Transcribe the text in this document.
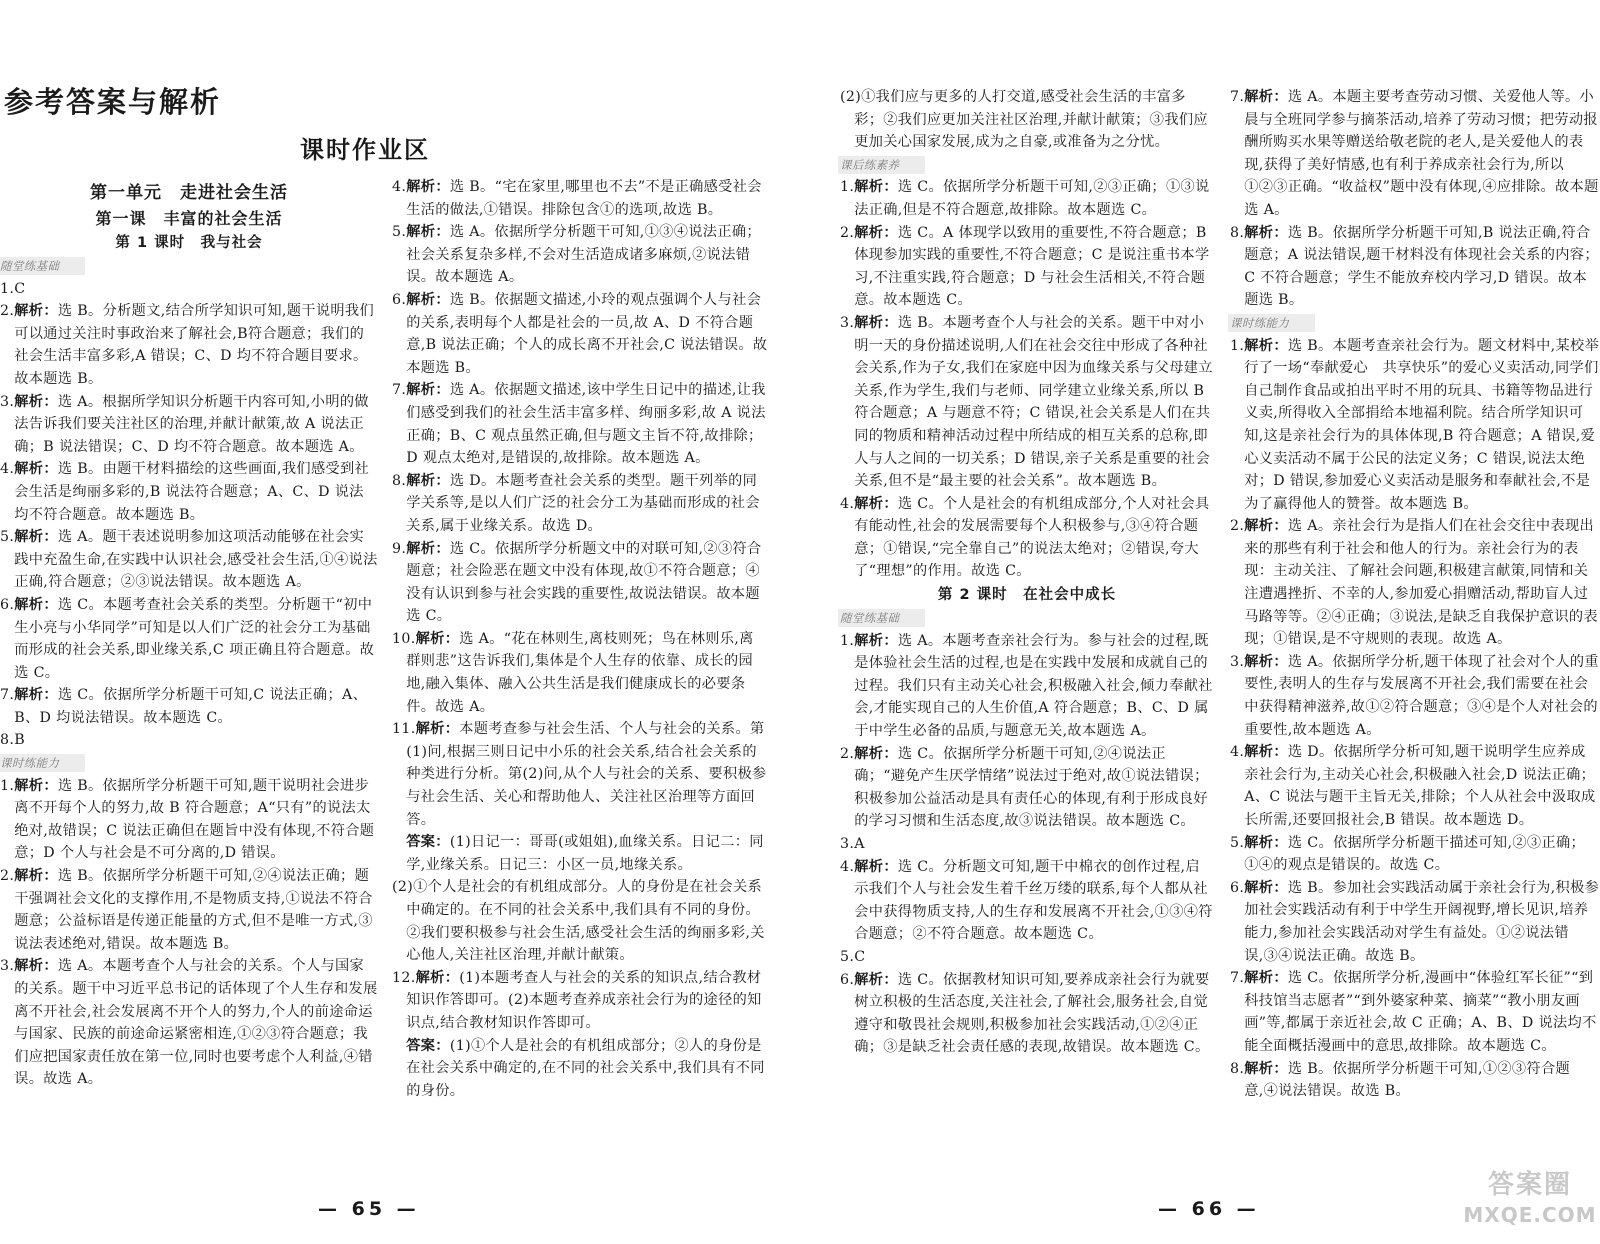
参考答案与解析
课时作业区
第一单元　走进社会生活
第一课　丰富的社会生活
第 1 课时　我与社会
随堂练基础

1.C

2.解析：选 B。分析题文,结合所学知识可知,题干说明我们可以通过关注时事政治来了解社会,B符合题意；我们的社会生活丰富多彩,A 错误；C、D 均不符合题目要求。故本题选 B。

3.解析：选 A。根据所学知识分析题干内容可知,小明的做法告诉我们要关注社区的治理,并献计献策,故 A 说法正确；B 说法错误；C、D 均不符合题意。故本题选 A。

4.解析：选 B。由题干材料描绘的这些画面,我们感受到社会生活是绚丽多彩的,B 说法符合题意；A、C、D 说法均不符合题意。故本题选 B。

5.解析：选 A。题干表述说明参加这项活动能够在社会实践中充盈生命,在实践中认识社会,感受社会生活,①④说法正确,符合题意；②③说法错误。故本题选 A。

6.解析：选 C。本题考查社会关系的类型。分析题干“初中生小亮与小华同学”可知是以人们广泛的社会分工为基础而形成的社会关系,即业缘关系,C 项正确且符合题意。故选 C。

7.解析：选 C。依据所学分析题干可知,C 说法正确；A、B、D 均说法错误。故本题选 C。

8.B

课时练能力

1.解析：选 B。依据所学分析题干可知,题干说明社会进步离不开每个人的努力,故 B 符合题意；A“只有”的说法太绝对,故错误；C 说法正确但在题旨中没有体现,不符合题意；D 个人与社会是不可分离的,D 错误。

2.解析：选 B。依据所学分析题干可知,②④说法正确；题干强调社会文化的支撑作用,不是物质支持,①说法不符合题意；公益标语是传递正能量的方式,但不是唯一方式,③说法表述绝对,错误。故本题选 B。

3.解析：选 A。本题考查个人与社会的关系。个人与国家的关系。题干中习近平总书记的话体现了个人生存和发展离不开社会,社会发展离不开个人的努力,个人的前途命运与国家、民族的前途命运紧密相连,①②③符合题意；我们应把国家责任放在第一位,同时也要考虑个人利益,④错误。故选 A。

4.解析：选 B。“宅在家里,哪里也不去”不是正确感受社会生活的做法,①错误。排除包含①的选项,故选 B。

5.解析：选 A。依据所学分析题干可知,①③④说法正确；社会关系复杂多样,不会对生活造成诸多麻烦,②说法错误。故本题选 A。

6.解析：选 B。依据题文描述,小玲的观点强调个人与社会的关系,表明每个人都是社会的一员,故 A、D 不符合题意,B 说法正确；个人的成长离不开社会,C 说法错误。故本题选 B。

7.解析：选 A。依据题文描述,该中学生日记中的描述,让我们感受到我们的社会生活丰富多样、绚丽多彩,故 A 说法正确；B、C 观点虽然正确,但与题文主旨不符,故排除；D 观点太绝对,是错误的,故排除。故本题选 A。

8.解析：选 D。本题考查社会关系的类型。题干列举的同学关系等,是以人们广泛的社会分工为基础而形成的社会关系,属于业缘关系。故选 D。

9.解析：选 C。依据所学分析题文中的对联可知,②③符合题意；社会险恶在题文中没有体现,故①不符合题意；④没有认识到参与社会实践的重要性,故说法错误。故本题选 C。

10.解析：选 A。“花在林则生,离枝则死；鸟在林则乐,离群则悲”这告诉我们,集体是个人生存的依靠、成长的园地,融入集体、融入公共生活是我们健康成长的必要条件。故选 A。

11.解析：本题考查参与社会生活、个人与社会的关系。第(1)问,根据三则日记中小乐的社会关系,结合社会关系的种类进行分析。第(2)问,从个人与社会的关系、要积极参与社会生活、关心和帮助他人、关注社区治理等方面回答。

答案：(1)日记一：哥哥(或姐姐),血缘关系。日记二：同学,业缘关系。日记三：小区一员,地缘关系。

(2)①个人是社会的有机组成部分。人的身份是在社会关系中确定的。在不同的社会关系中,我们具有不同的身份。②我们要积极参与社会生活,感受社会生活的绚丽多彩,关心他人,关注社区治理,并献计献策。

12.解析：(1)本题考查人与社会的关系的知识点,结合教材知识作答即可。(2)本题考查养成亲社会行为的途径的知识点,结合教材知识作答即可。

答案：(1)①个人是社会的有机组成部分；②人的身份是在社会关系中确定的,在不同的社会关系中,我们具有不同的身份。

(2)①我们应与更多的人打交道,感受社会生活的丰富多彩；②我们应更加关注社区治理,并献计献策；③我们应更加关心国家发展,成为之自豪,或准备为之分忧。

课后练素养

1.解析：选 C。依据所学分析题干可知,②③正确；①③说法正确,但是不符合题意,故排除。故本题选 C。

2.解析：选 C。A 体现学以致用的重要性,不符合题意；B 体现参加实践的重要性,不符合题意；C 是说注重书本学习,不注重实践,符合题意；D 与社会生活相关,不符合题意。故本题选 C。

3.解析：选 B。本题考查个人与社会的关系。题干中对小明一天的身份描述说明,人们在社会交往中形成了各种社会关系,作为子女,我们在家庭中因为血缘关系与父母建立关系,作为学生,我们与老师、同学建立业缘关系,所以 B 符合题意；A 与题意不符；C 错误,社会关系是人们在共同的物质和精神活动过程中所结成的相互关系的总称,即人与人之间的一切关系；D 错误,亲子关系是重要的社会关系,但不是“最主要的社会关系”。故本题选 B。

4.解析：选 C。个人是社会的有机组成部分,个人对社会具有能动性,社会的发展需要每个人积极参与,③④符合题意；①错误,“完全靠自己”的说法太绝对；②错误,夸大了“理想”的作用。故选 C。

第 2 课时　在社会中成长
随堂练基础

1.解析：选 A。本题考查亲社会行为。参与社会的过程,既是体验社会生活的过程,也是在实践中发展和成就自己的过程。我们只有主动关心社会,积极融入社会,倾力奉献社会,才能实现自己的人生价值,A 符合题意；B、C、D 属于中学生必备的品质,与题意无关,故本题选 A。

2.解析：选 C。依据所学分析题干可知,②④说法正确；“避免产生厌学情绪”说法过于绝对,故①说法错误；积极参加公益活动是具有责任心的体现,有利于形成良好的学习习惯和生活态度,故③说法错误。故本题选 C。

3.A

4.解析：选 C。分析题文可知,题干中棉衣的创作过程,启示我们个人与社会发生着千丝万缕的联系,每个人都从社会中获得物质支持,人的生存和发展离不开社会,①③④符合题意；②不符合题意。故本题选 C。

5.C

6.解析：选 C。依据教材知识可知,要养成亲社会行为就要树立积极的生活态度,关注社会,了解社会,服务社会,自觉遵守和敬畏社会规则,积极参加社会实践活动,①②④正确；③是缺乏社会责任感的表现,故错误。故本题选 C。

7.解析：选 A。本题主要考查劳动习惯、关爱他人等。小晨与全班同学参与摘茶活动,培养了劳动习惯；把劳动报酬所购买水果等赠送给敬老院的老人,是关爱他人的表现,获得了美好情感,也有利于养成亲社会行为,所以①②③正确。“收益权”题中没有体现,④应排除。故本题选 A。

8.解析：选 B。依据所学分析题干可知,B 说法正确,符合题意；A 说法错误,题干材料没有体现社会关系的内容；C 不符合题意；学生不能放弃校内学习,D 错误。故本题选 B。

课时练能力

1.解析：选 B。本题考查亲社会行为。题文材料中,某校举行了一场“奉献爱心　共享快乐”的爱心义卖活动,同学们自己制作食品或拍出平时不用的玩具、书籍等物品进行义卖,所得收入全部捐给本地福利院。结合所学知识可知,这是亲社会行为的具体体现,B 符合题意；A 错误,爱心义卖活动不属于公民的法定义务；C 错误,说法太绝对；D 错误,参加爱心义卖活动是服务和奉献社会,不是为了赢得他人的赞誉。故本题选 B。

2.解析：选 A。亲社会行为是指人们在社会交往中表现出来的那些有利于社会和他人的行为。亲社会行为的表现：主动关注、了解社会问题,积极建言献策,同情和关注遭遇挫折、不幸的人,参加爱心捐赠活动,帮助盲人过马路等等。②④正确；③说法,是缺乏自我保护意识的表现；①错误,是不守规则的表现。故选 A。

3.解析：选 A。依据所学分析,题干体现了社会对个人的重要性,表明人的生存与发展离不开社会,我们需要在社会中获得精神滋养,故①②符合题意；③④是个人对社会的重要性,故本题选 A。

4.解析：选 D。依据所学分析可知,题干说明学生应养成亲社会行为,主动关心社会,积极融入社会,D 说法正确；A、C 说法与题干主旨无关,排除；个人从社会中汲取成长所需,还要回报社会,B 错误。故本题选 D。

5.解析：选 C。依据所学分析题干描述可知,②③正确；①④的观点是错误的。故选 C。

6.解析：选 B。参加社会实践活动属于亲社会行为,积极参加社会实践活动有利于中学生开阔视野,增长见识,培养能力,参加社会实践活动对学生有益处。①②说法错误,③④说法正确。故选 B。

7.解析：选 C。依据所学分析,漫画中“体验红军长征”“到科技馆当志愿者”“到外婆家种菜、摘菜”“教小朋友画画”等,都属于亲近社会,故 C 正确；A、B、D 说法均不能全面概括漫画中的意思,故排除。故本题选 C。

8.解析：选 B。依据所学分析题干可知,①②③符合题意,④说法错误。故选 B。

— 65 —	— 66 —
答案圈
MXQE.COM
